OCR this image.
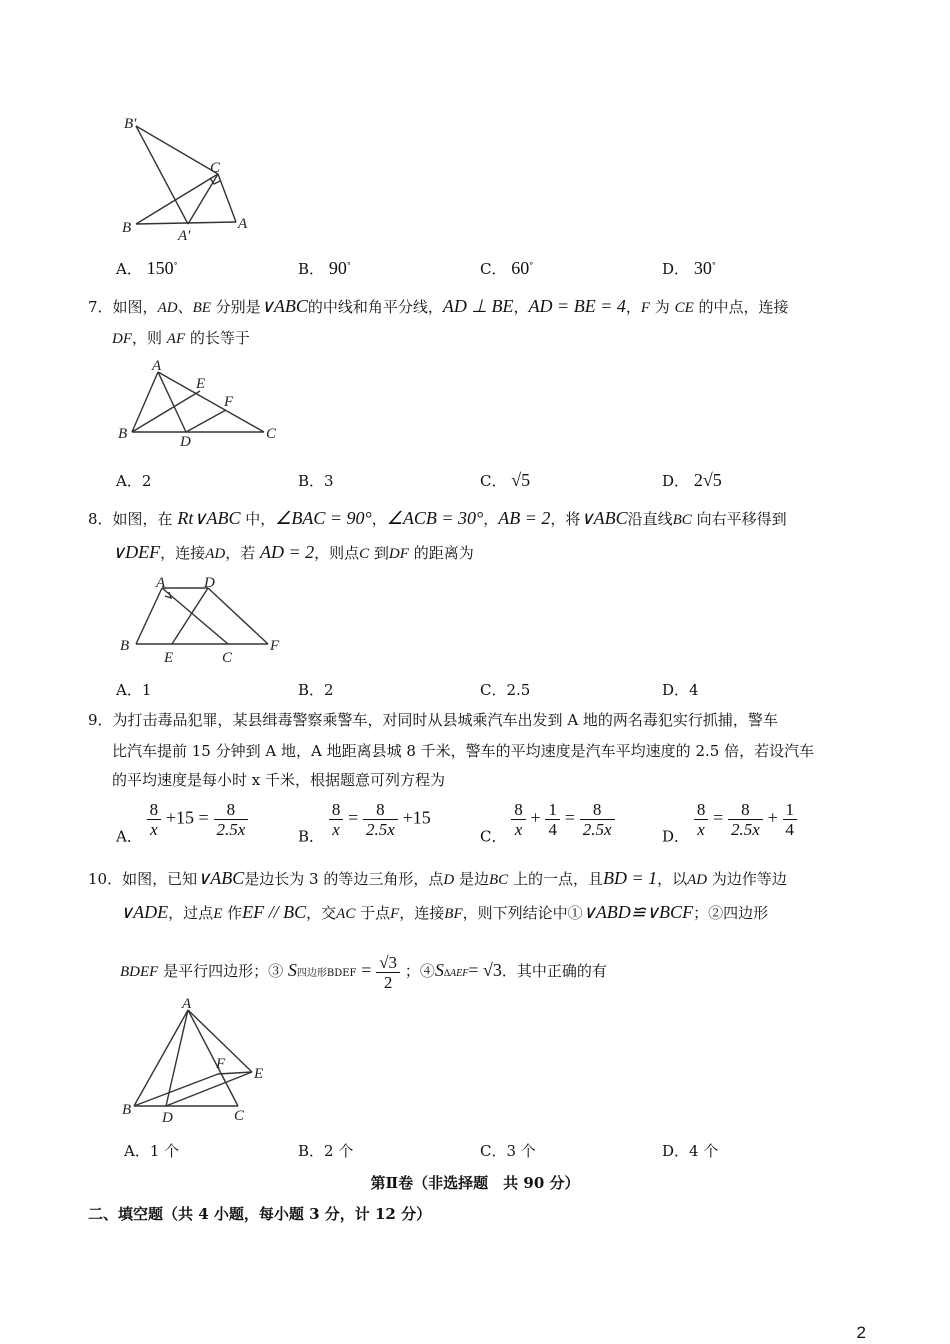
B′
C
B	A′
A
A． 150°	B． 90°	C． 60°	D． 30°
7．如图，AD、BE 分别是∨ABC的中线和角平分线，AD ⊥ BE，AD = BE = 4，F 为 CE 的中点，连接
DF，则 AF 的长等于
A
E
F
B	D	C
A．2	B．3	C． √5	D． 2√5
8．如图，在 Rt∨ABC 中，∠BAC = 90°，∠ACB = 30°，AB = 2，将∨ABC沿直线BC 向右平移得到
∨DEF，连接AD，若 AD = 2，则点C 到DF 的距离为
A	D
B
E	C
F
A．1	B．2	C．2.5	D．4
9．为打击毒品犯罪，某县缉毒警察乘警车，对同时从县城乘汽车出发到 A 地的两名毒犯实行抓捕，警车
比汽车提前 15 分钟到 A 地，A 地距离县城 8 千米，警车的平均速度是汽车平均速度的 2.5 倍，若设汽车
的平均速度是每小时 x 千米，根据题意可列方程为
A． $\frac{8}{x} +15 = \frac{8}{2.5x}$	B． $\frac{8}{x} = \frac{8}{2.5x} +15$
C． $\frac{8}{x} + \frac{1}{4} = \frac{8}{2.5x}$	D． $\frac{8}{x} = \frac{8}{2.5x} + \frac{1}{4}$
10．如图，已知∨ABC是边长为 3 的等边三角形，点D 是边BC 上的一点，且BD = 1，以AD 为边作等边
∨ADE，过点E 作EF // BC，交AC 于点F，连接BF，则下列结论中①∨ABD≌∨BCF；②四边形
BDEF 是平行四边形；③ S四边形BDEF = $\frac{√3}{2}$ ；④S∆AEF= √3．其中正确的有
A
F
E
B D	C
A．1 个	B．2 个	C．3 个	D．4 个
第Ⅱ卷（非选择题　共 90 分）
二、填空题（共 4 小题，每小题 3 分，计 12 分）
2
